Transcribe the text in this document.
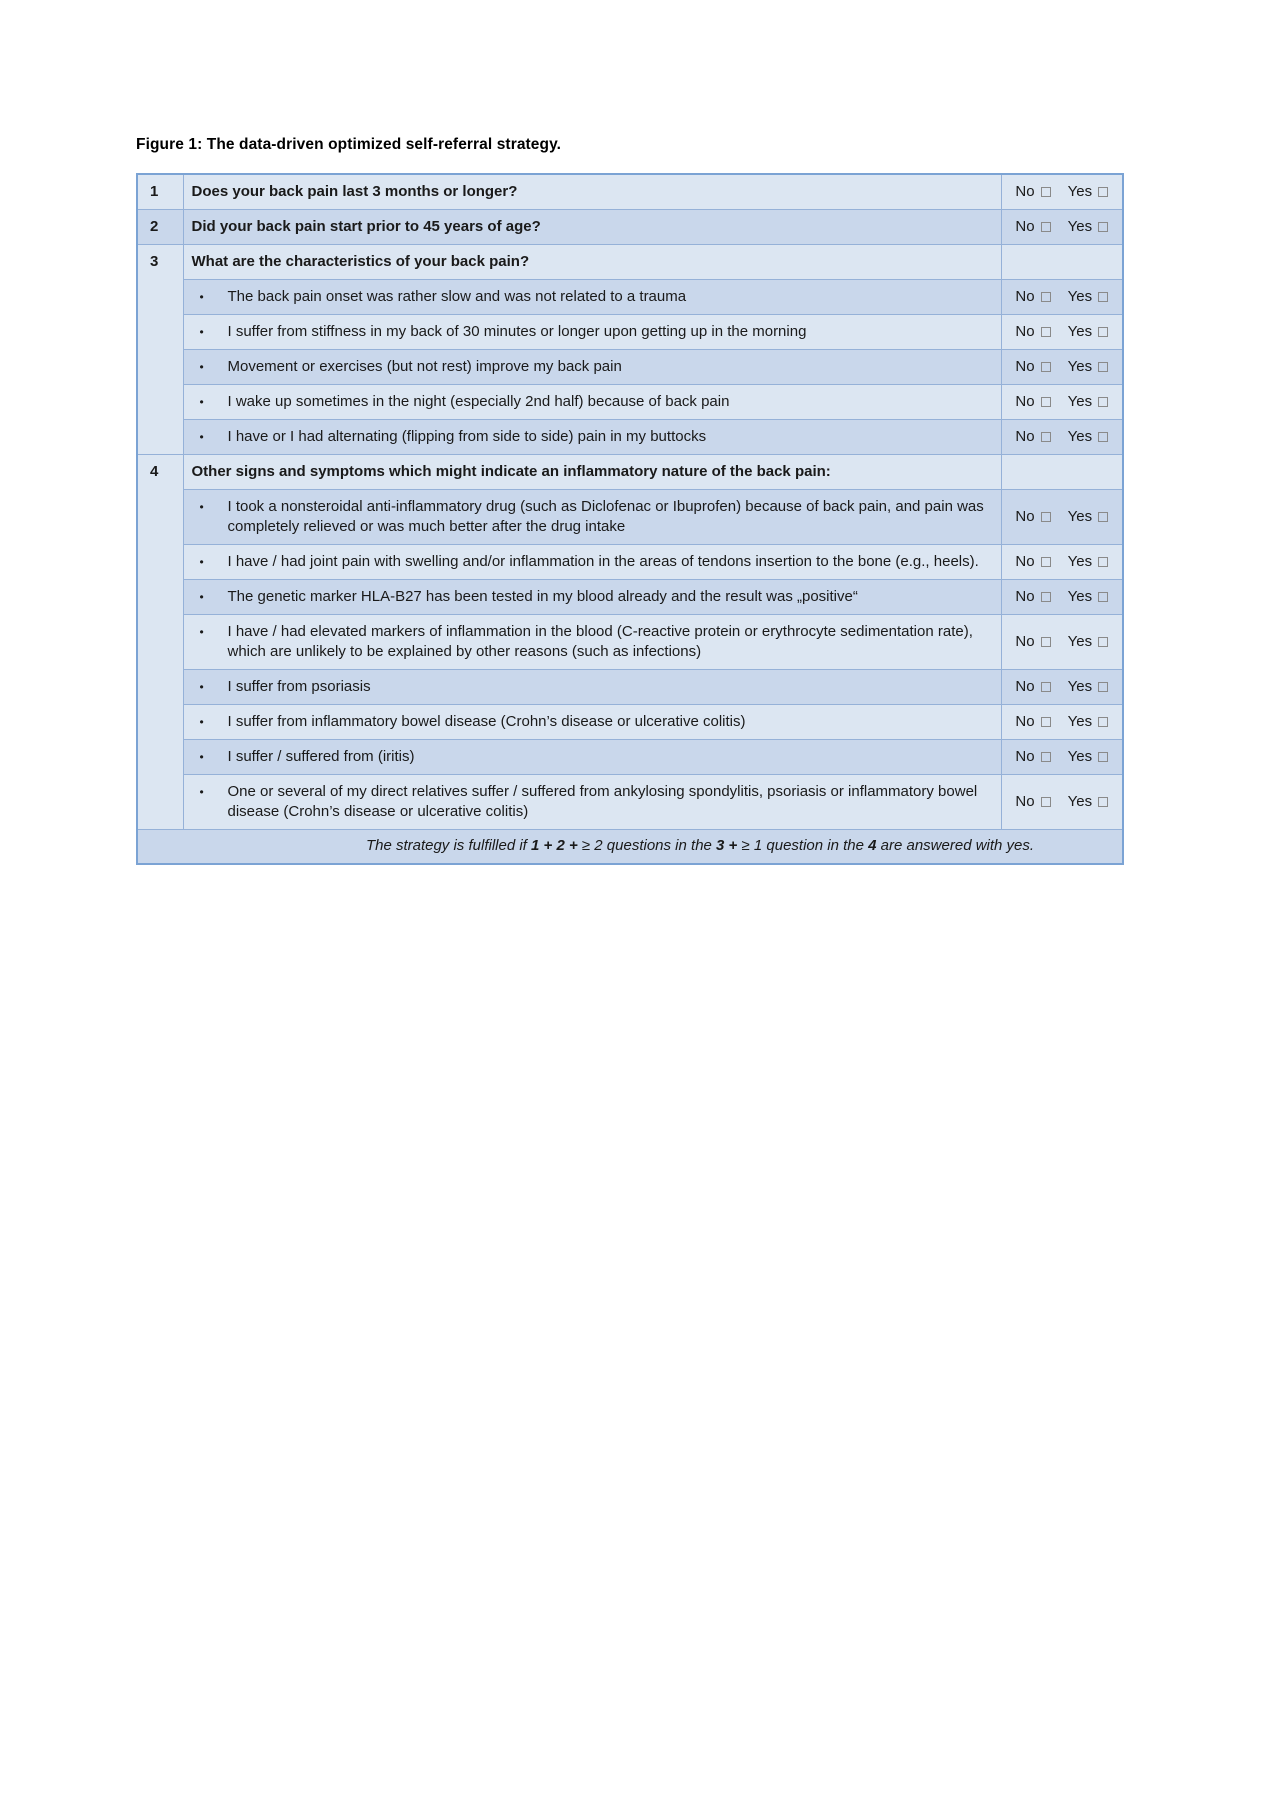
Figure 1: The data-driven optimized self-referral strategy.
1	Does your back pain last 3 months or longer?	No Yes
2	Did your back pain start prior to 45 years of age?	No Yes
3	What are the characteristics of your back pain?	

	• The back pain onset was rather slow and was not related to a trauma	No Yes

	• I suffer from stiffness in my back of 30 minutes or longer upon getting up in the morning	No Yes

	• Movement or exercises (but not rest) improve my back pain	No Yes

	• I wake up sometimes in the night (especially 2nd half) because of back pain	No Yes

	• I have or I had alternating (flipping from side to side) pain in my buttocks	No Yes
4	Other signs and symptoms which might indicate an inflammatory nature of the back pain:	

	• I took a nonsteroidal anti-inflammatory drug (such as Diclofenac or Ibuprofen) because of back pain, and pain was completely relieved or was much better after the drug intake	No Yes

	• I have / had joint pain with swelling and/or inflammation in the areas of tendons insertion to the bone (e.g., heels).	No Yes

	• The genetic marker HLA-B27 has been tested in my blood already and the result was „positive“	No Yes

	• I have / had elevated markers of inflammation in the blood (C-reactive protein or erythrocyte sedimentation rate), which are unlikely to be explained by other reasons (such as infections)	No Yes

	• I suffer from psoriasis	No Yes

	• I suffer from inflammatory bowel disease (Crohn’s disease or ulcerative colitis)	No Yes

	• I suffer / suffered from (iritis)	No Yes

	• One or several of my direct relatives suffer / suffered from ankylosing spondylitis, psoriasis or inflammatory bowel disease (Crohn’s disease or ulcerative colitis)	No Yes
The strategy is fulfilled if 1 + 2 + ≥ 2 questions in the 3 + ≥ 1 question in the 4 are answered with yes.		
